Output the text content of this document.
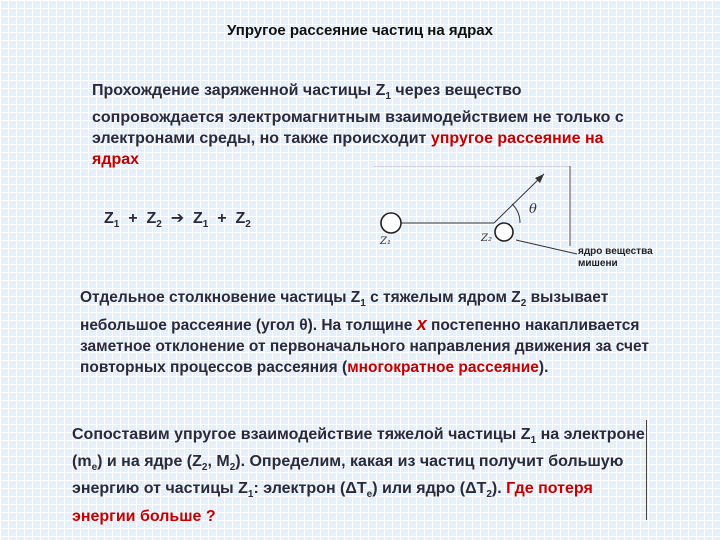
Упругое рассеяние частиц на ядрах
Прохождение заряженной частицы $Z_1$ через вещество сопровождается электромагнитным взаимодействием не только с электронами среды, но также происходит упругое рассеяние на ядрах
$Z_1 + Z_2$ ➔ $Z_1 + Z_2$
θ
Z₁	Z₂
ядро вещества
мишени
Отдельное столкновение частицы $Z_1$ с тяжелым ядром $Z_2$ вызывает небольшое рассеяние (угол θ). На толщине x постепенно накапливается заметное отклонение от первоначального направления движения за счет повторных процессов рассеяния (многократное рассеяние).
Сопоставим упругое взаимодействие тяжелой частицы $Z_1$ на электроне $(m_e)$ и на ядре ($Z_2$, $M_2$). Определим, какая из частиц получит большую энергию от частицы $Z_1$: электрон $(\Delta T_e)$ или ядро $(\Delta T_2)$. Где потеря энергии больше ?
